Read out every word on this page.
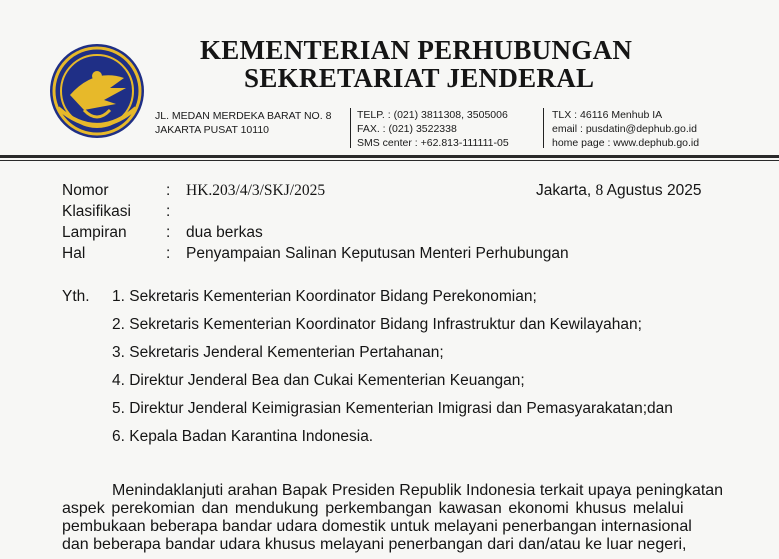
KEMENTERIAN PERHUBUNGAN
SEKRETARIAT JENDERAL
JL. MEDAN MERDEKA BARAT NO. 8
JAKARTA PUSAT 10110
TELP. : (021) 3811308, 3505006
FAX. : (021) 3522338
SMS center : +62.813-111111-05
TLX : 46116 Menhub IA
email : pusdatin@dephub.go.id
home page : www.dephub.go.id
Nomor	: HK.203/4/3/SKJ/2025	Jakarta, 8 Agustus 2025
Klasifikasi :
Lampiran	: dua berkas
Hal	: Penyampaian Salinan Keputusan Menteri Perhubungan
Yth. 1. Sekretaris Kementerian Koordinator Bidang Perekonomian;
2. Sekretaris Kementerian Koordinator Bidang Infrastruktur dan Kewilayahan;
3. Sekretaris Jenderal Kementerian Pertahanan;
4. Direktur Jenderal Bea dan Cukai Kementerian Keuangan;
5. Direktur Jenderal Keimigrasian Kementerian Imigrasi dan Pemasyarakatan;dan
6. Kepala Badan Karantina Indonesia.
Menindaklanjuti arahan Bapak Presiden Republik Indonesia terkait upaya peningkatan
aspek perekomian dan mendukung perkembangan kawasan ekonomi khusus melalui
pembukaan beberapa bandar udara domestik untuk melayani penerbangan internasional
dan beberapa bandar udara khusus melayani penerbangan dari dan/atau ke luar negeri,
